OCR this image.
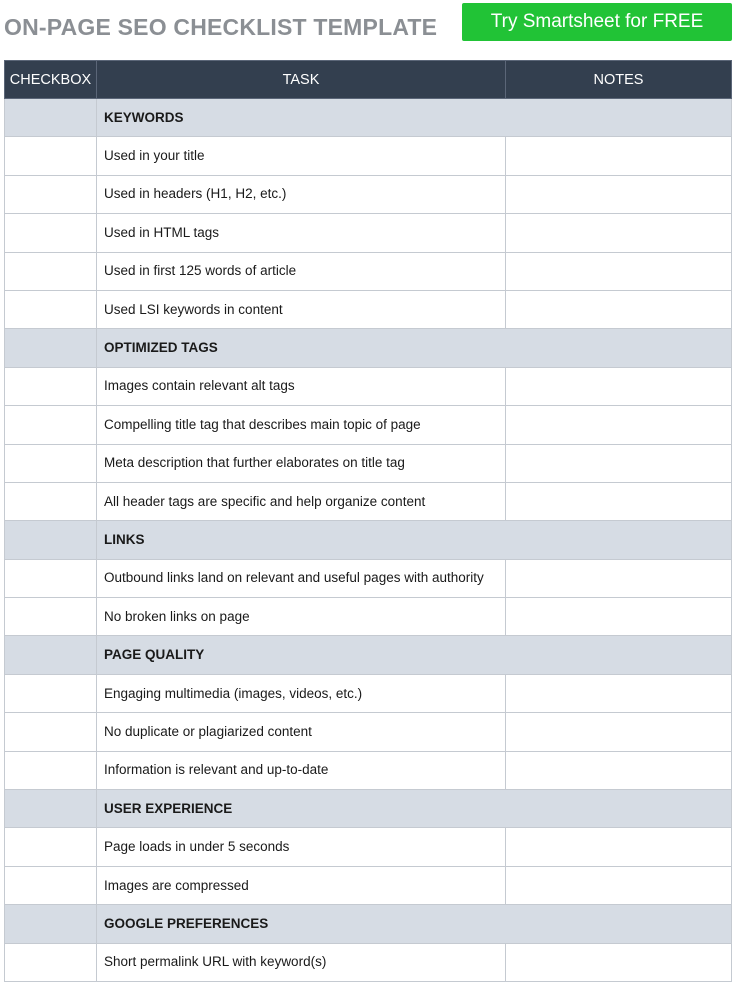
ON-PAGE SEO CHECKLIST TEMPLATE	Try Smartsheet for FREE
CHECKBOX	TASK	NOTES
	KEYWORDS	
	Used in your title	
	Used in headers (H1, H2, etc.)	
	Used in HTML tags	
	Used in first 125 words of article	
	Used LSI keywords in content	
	OPTIMIZED TAGS	
	Images contain relevant alt tags	
	Compelling title tag that describes main topic of page	
	Meta description that further elaborates on title tag	
	All header tags are specific and help organize content	
	LINKS	
	Outbound links land on relevant and useful pages with authority	
	No broken links on page	
	PAGE QUALITY	
	Engaging multimedia (images, videos, etc.)	
	No duplicate or plagiarized content	
	Information is relevant and up-to-date	
	USER EXPERIENCE	
	Page loads in under 5 seconds	
	Images are compressed	
	GOOGLE PREFERENCES	
	Short permalink URL with keyword(s)	
